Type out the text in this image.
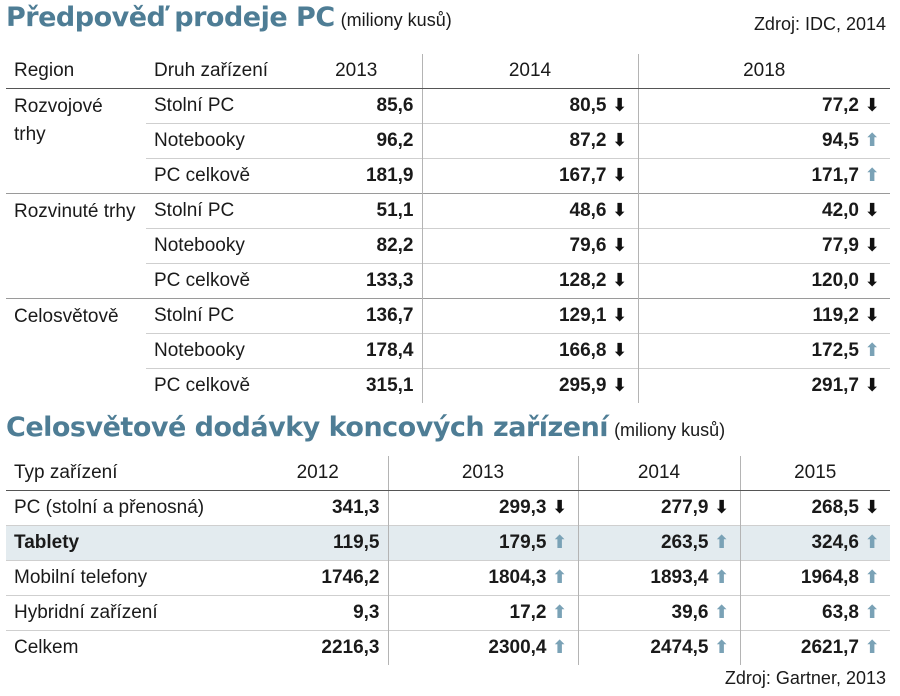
Předpověď prodeje PC (miliony kusů)	Zdroj: IDC, 2014
Region	Druh zařízení	2013	2014	2018
Rozvojové trhy	Stolní PC	85,6	80,5 ⬇	77,2 ⬇
	Notebooky	96,2	87,2 ⬇	94,5 ⬆
	PC celkově	181,9	167,7 ⬇	171,7 ⬆
Rozvinuté trhy	Stolní PC	51,1	48,6 ⬇	42,0 ⬇
	Notebooky	82,2	79,6 ⬇	77,9 ⬇
	PC celkově	133,3	128,2 ⬇	120,0 ⬇
Celosvětově	Stolní PC	136,7	129,1 ⬇	119,2 ⬇
	Notebooky	178,4	166,8 ⬇	172,5 ⬆
	PC celkově	315,1	295,9 ⬇	291,7 ⬇
Celosvětové dodávky koncových zařízení (miliony kusů)
Typ zařízení	2012	2013	2014	2015
PC (stolní a přenosná)	341,3	299,3 ⬇	277,9 ⬇	268,5 ⬇
Tablety	119,5	179,5 ⬆	263,5 ⬆	324,6 ⬆
Mobilní telefony	1746,2	1804,3 ⬆	1893,4 ⬆	1964,8 ⬆
Hybridní zařízení	9,3	17,2 ⬆	39,6 ⬆	63,8 ⬆
Celkem	2216,3	2300,4 ⬆	2474,5 ⬆	2621,7 ⬆
Zdroj: Gartner, 2013
